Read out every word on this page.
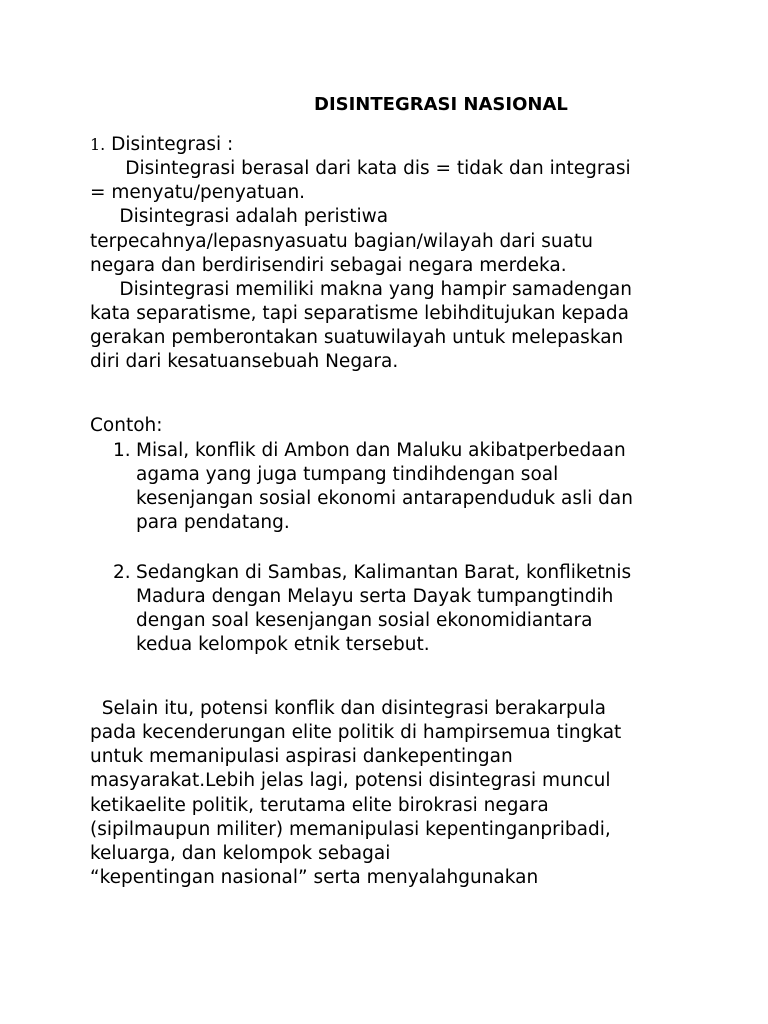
DISINTEGRASI NASIONAL
1. Disintegrasi :
Disintegrasi berasal dari kata dis = tidak dan integrasi
= menyatu/penyatuan.
Disintegrasi adalah peristiwa
terpecahnya/lepasnyasuatu bagian/wilayah dari suatu
negara dan berdirisendiri sebagai negara merdeka.
Disintegrasi memiliki makna yang hampir samadengan
kata separatisme, tapi separatisme lebihditujukan kepada
gerakan pemberontakan suatuwilayah untuk melepaskan
diri dari kesatuansebuah Negara.
Contoh:
1. Misal, konflik di Ambon dan Maluku akibatperbedaan
agama yang juga tumpang tindihdengan soal
kesenjangan sosial ekonomi antarapenduduk asli dan
para pendatang.
2. Sedangkan di Sambas, Kalimantan Barat, konfliketnis
Madura dengan Melayu serta Dayak tumpangtindih
dengan soal kesenjangan sosial ekonomidiantara
kedua kelompok etnik tersebut.
Selain itu, potensi konflik dan disintegrasi berakarpula
pada kecenderungan elite politik di hampirsemua tingkat
untuk memanipulasi aspirasi dankepentingan
masyarakat.Lebih jelas lagi, potensi disintegrasi muncul
ketikaelite politik, terutama elite birokrasi negara
(sipilmaupun militer) memanipulasi kepentinganpribadi,
keluarga, dan kelompok sebagai
“kepentingan nasional” serta menyalahgunakan
